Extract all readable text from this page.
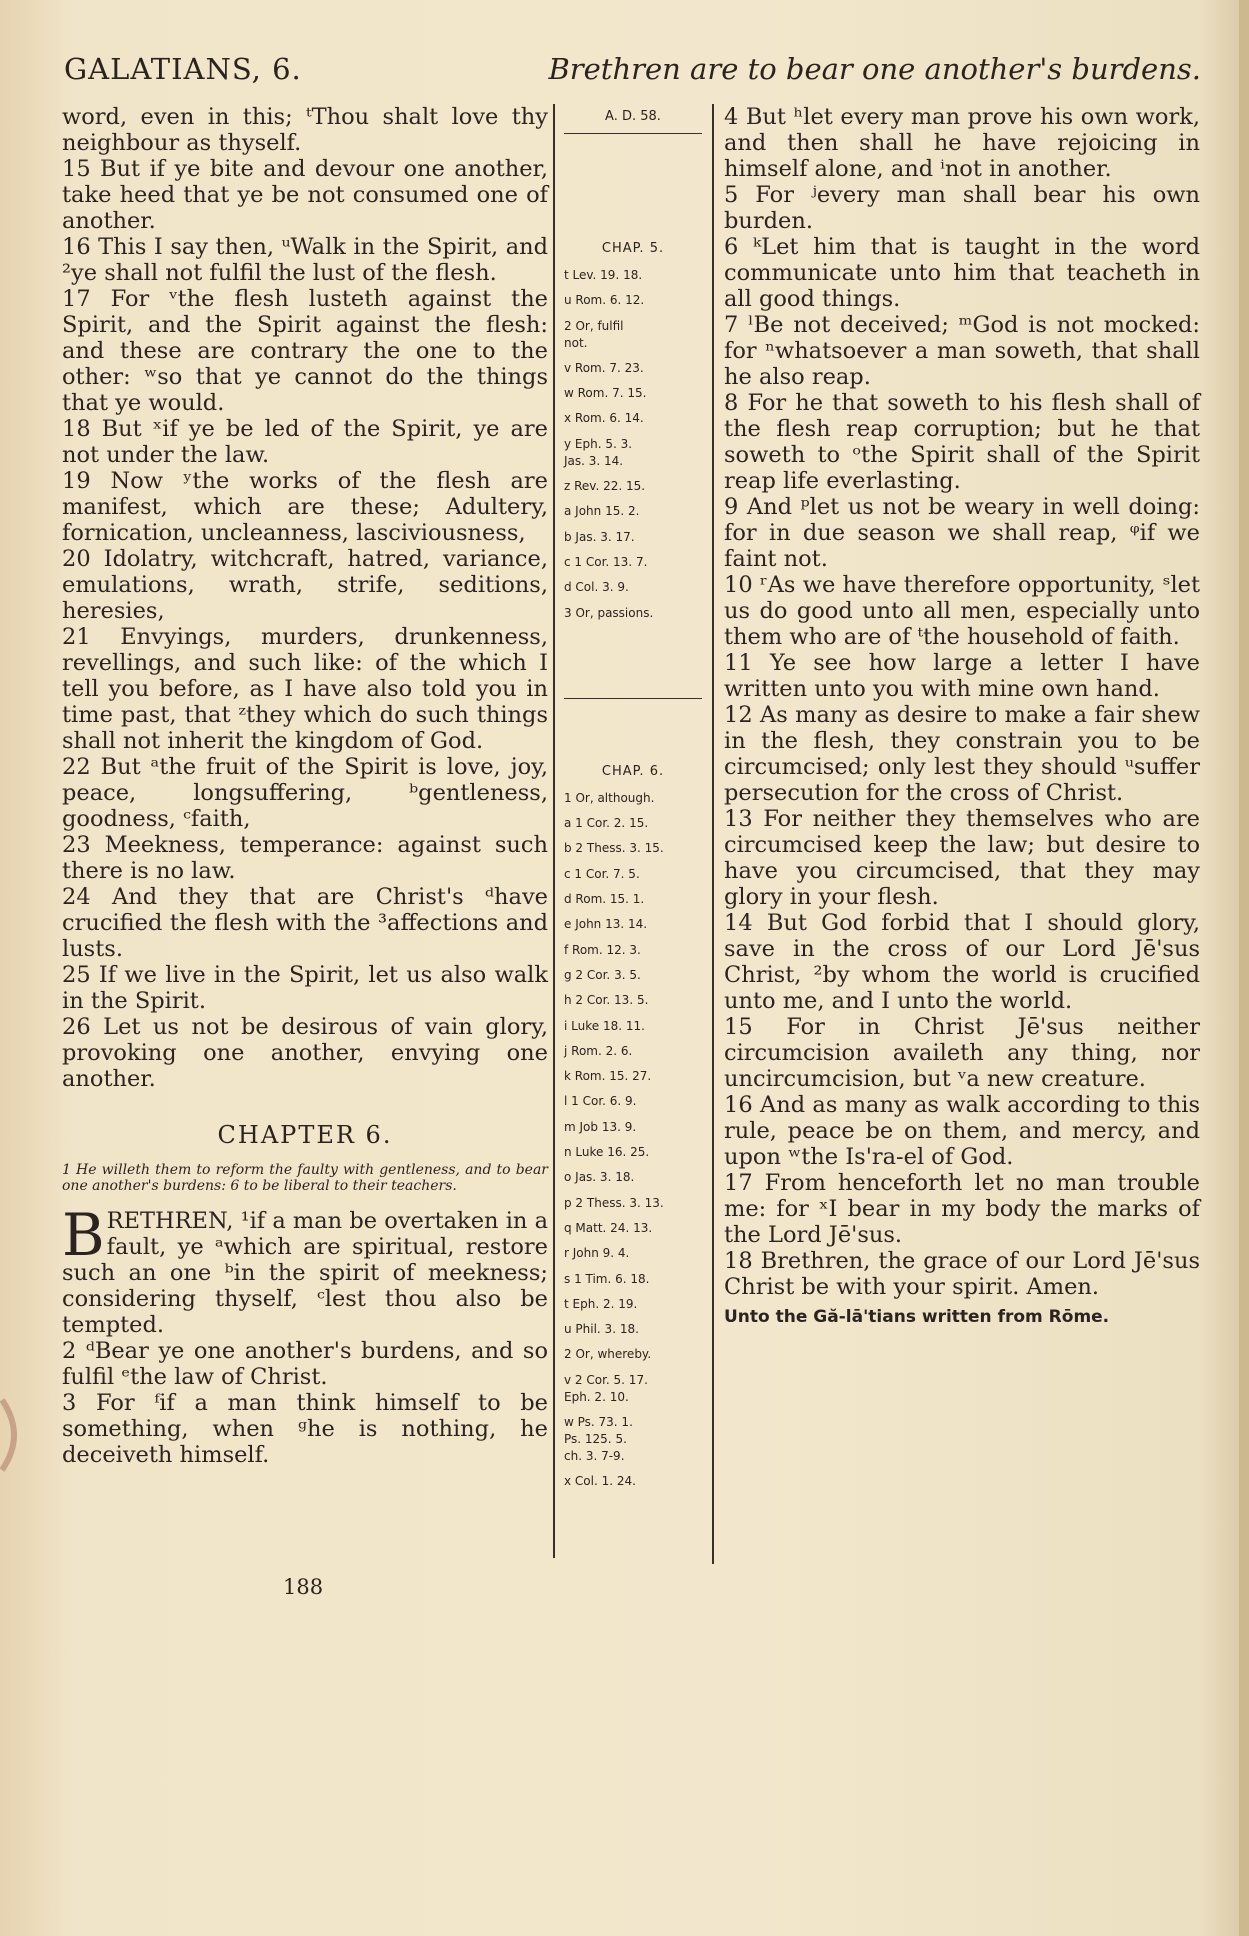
GALATIANS, 6.	Brethren are to bear one another's burdens.

word, even in this; ᵗThou shalt love thy neighbour as thyself.

15 But if ye bite and devour one another, take heed that ye be not consumed one of another.

16 This I say then, ᵘWalk in the Spirit, and ²ye shall not fulfil the lust of the flesh.

17 For ᵛthe flesh lusteth against the Spirit, and the Spirit against the flesh: and these are contrary the one to the other: ʷso that ye cannot do the things that ye would.

18 But ˣif ye be led of the Spirit, ye are not under the law.

19 Now ʸthe works of the flesh are manifest, which are these; Adultery, fornication, uncleanness, lasciviousness,

20 Idolatry, witchcraft, hatred, variance, emulations, wrath, strife, seditions, heresies,

21 Envyings, murders, drunkenness, revellings, and such like: of the which I tell you before, as I have also told you in time past, that ᶻthey which do such things shall not inherit the kingdom of God.

22 But ᵃthe fruit of the Spirit is love, joy, peace, longsuffering, ᵇgentleness, goodness, ᶜfaith,

23 Meekness, temperance: against such there is no law.

24 And they that are Christ's ᵈhave crucified the flesh with the ³affections and lusts.

25 If we live in the Spirit, let us also walk in the Spirit.

26 Let us not be desirous of vain glory, provoking one another, envying one another.

CHAPTER 6.
1 He willeth them to reform the faulty with gentleness, and to bear one another's burdens: 6 to be liberal to their teachers.

B RETHREN, ¹if a man be overtaken in a fault, ye ᵃwhich are spiritual, restore such an one ᵇin the spirit of meekness; considering thyself, ᶜlest thou also be tempted.

2 ᵈBear ye one another's burdens, and so fulfil ᵉthe law of Christ.

3 For ᶠif a man think himself to be something, when ᵍhe is nothing, he deceiveth himself.

188
A. D. 58.
CHAP. 5.
t Lev. 19. 18.
u Rom. 6. 12.
2 Or, fulfil
not.
v Rom. 7. 23.
w Rom. 7. 15.
x Rom. 6. 14.
y Eph. 5. 3.
Jas. 3. 14.
z Rev. 22. 15.
a John 15. 2.
b Jas. 3. 17.
c 1 Cor. 13. 7.
d Col. 3. 9.
3 Or, passions.
CHAP. 6.
1 Or, although.
a 1 Cor. 2. 15.
b 2 Thess. 3. 15.
c 1 Cor. 7. 5.
d Rom. 15. 1.
e John 13. 14.
f Rom. 12. 3.
g 2 Cor. 3. 5.
h 2 Cor. 13. 5.
i Luke 18. 11.
j Rom. 2. 6.
k Rom. 15. 27.
l 1 Cor. 6. 9.
m Job 13. 9.
n Luke 16. 25.
o Jas. 3. 18.
p 2 Thess. 3. 13.
q Matt. 24. 13.
r John 9. 4.
s 1 Tim. 6. 18.
t Eph. 2. 19.
u Phil. 3. 18.
2 Or, whereby.
v 2 Cor. 5. 17.
Eph. 2. 10.
w Ps. 73. 1.
Ps. 125. 5.
ch. 3. 7-9.
x Col. 1. 24.

4 But ʰlet every man prove his own work, and then shall he have rejoicing in himself alone, and ⁱnot in another.

5 For ʲevery man shall bear his own burden.

6 ᵏLet him that is taught in the word communicate unto him that teacheth in all good things.

7 ˡBe not deceived; ᵐGod is not mocked: for ⁿwhatsoever a man soweth, that shall he also reap.

8 For he that soweth to his flesh shall of the flesh reap corruption; but he that soweth to ᵒthe Spirit shall of the Spirit reap life everlasting.

9 And ᵖlet us not be weary in well doing: for in due season we shall reap, ᵠif we faint not.

10 ʳAs we have therefore opportunity, ˢlet us do good unto all men, especially unto them who are of ᵗthe household of faith.

11 Ye see how large a letter I have written unto you with mine own hand.

12 As many as desire to make a fair shew in the flesh, they constrain you to be circumcised; only lest they should ᵘsuffer persecution for the cross of Christ.

13 For neither they themselves who are circumcised keep the law; but desire to have you circumcised, that they may glory in your flesh.

14 But God forbid that I should glory, save in the cross of our Lord Jē'sus Christ, ²by whom the world is crucified unto me, and I unto the world.

15 For in Christ Jē'sus neither circumcision availeth any thing, nor uncircumcision, but ᵛa new creature.

16 And as many as walk according to this rule, peace be on them, and mercy, and upon ʷthe Is'ra-el of God.

17 From henceforth let no man trouble me: for ˣI bear in my body the marks of the Lord Jē'sus.

18 Brethren, the grace of our Lord Jē'sus Christ be with your spirit. Amen.

Unto the Gă-lā'tians written from Rōme.
